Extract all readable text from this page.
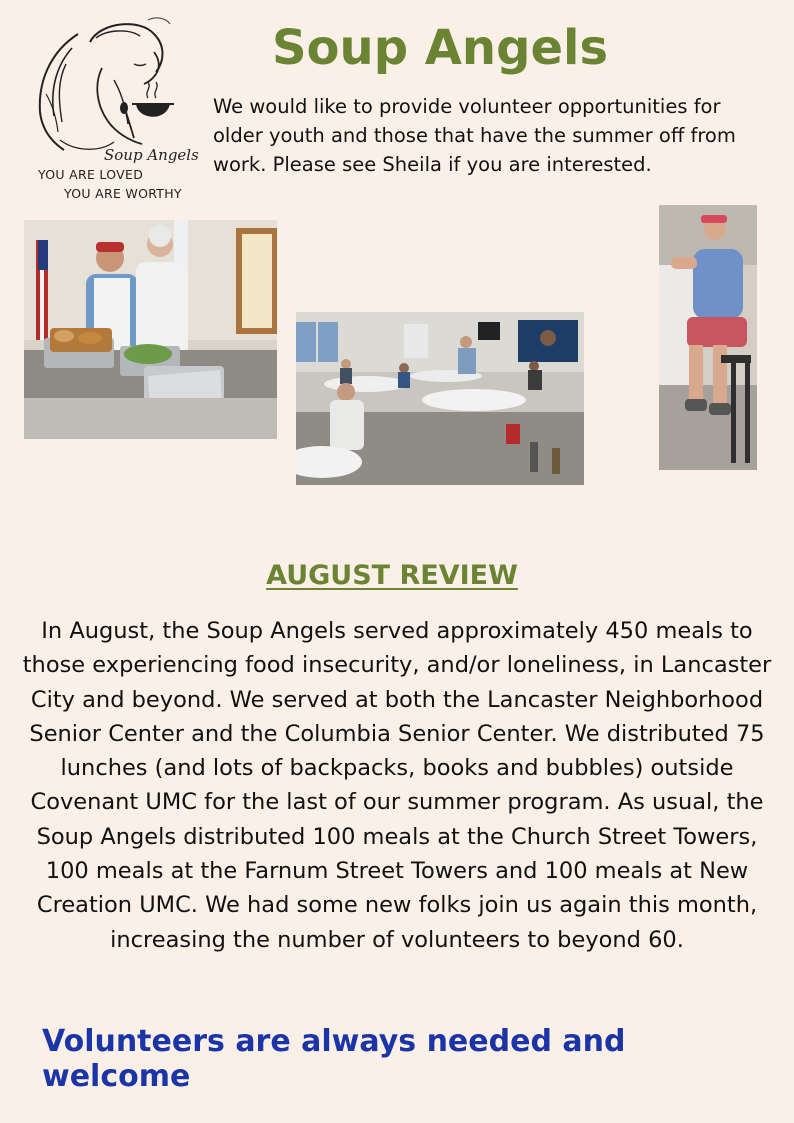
Soup Angels
YOU ARE LOVED
YOU ARE WORTHY
Soup Angels

We would like to provide volunteer opportunities for older youth and those that have the summer off from work. Please see Sheila if you are interested.

AUGUST REVIEW

In August, the Soup Angels served approximately 450 meals to those experiencing food insecurity, and/or loneliness, in Lancaster City and beyond. We served at both the Lancaster Neighborhood Senior Center and the Columbia Senior Center. We distributed 75 lunches (and lots of backpacks, books and bubbles) outside Covenant UMC for the last of our summer program. As usual, the Soup Angels distributed 100 meals at the Church Street Towers, 100 meals at the Farnum Street Towers and 100 meals at New Creation UMC. We had some new folks join us again this month, increasing the number of volunteers to beyond 60.

Volunteers are always needed and welcome
